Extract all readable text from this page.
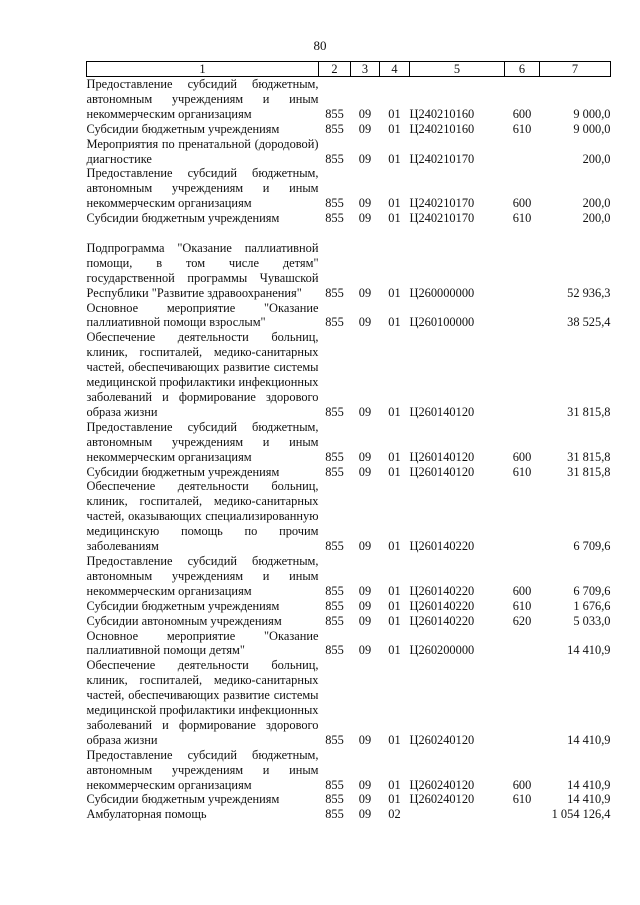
80
1	2	3	4	5	6	7
Предоставление субсидий бюджетным, автономным учреждениям и иным некоммерческим организациям	855	09	01	Ц240210160	600	9 000,0
Субсидии бюджетным учреждениям	855	09	01	Ц240210160	610	9 000,0
Мероприятия по пренатальной (дородовой) диагностике	855	09	01	Ц240210170		200,0
Предоставление субсидий бюджетным, автономным учреждениям и иным некоммерческим организациям	855	09	01	Ц240210170	600	200,0
Субсидии бюджетным учреждениям	855	09	01	Ц240210170	610	200,0
Подпрограмма "Оказание паллиативной помощи, в том числе детям" государственной программы Чувашской Республики "Развитие здравоохранения"	855	09	01	Ц260000000		52 936,3
Основное мероприятие "Оказание паллиативной помощи взрослым"	855	09	01	Ц260100000		38 525,4
Обеспечение деятельности больниц, клиник, госпиталей, медико-санитарных частей, обеспечивающих развитие системы медицинской профилактики инфекционных заболеваний и формирование здорового образа жизни	855	09	01	Ц260140120		31 815,8
Предоставление субсидий бюджетным, автономным учреждениям и иным некоммерческим организациям	855	09	01	Ц260140120	600	31 815,8
Субсидии бюджетным учреждениям	855	09	01	Ц260140120	610	31 815,8
Обеспечение деятельности больниц, клиник, госпиталей, медико-санитарных частей, оказывающих специализированную медицинскую помощь по прочим заболеваниям	855	09	01	Ц260140220		6 709,6
Предоставление субсидий бюджетным, автономным учреждениям и иным некоммерческим организациям	855	09	01	Ц260140220	600	6 709,6
Субсидии бюджетным учреждениям	855	09	01	Ц260140220	610	1 676,6
Субсидии автономным учреждениям	855	09	01	Ц260140220	620	5 033,0
Основное мероприятие "Оказание паллиативной помощи детям"	855	09	01	Ц260200000		14 410,9
Обеспечение деятельности больниц, клиник, госпиталей, медико-санитарных частей, обеспечивающих развитие системы медицинской профилактики инфекционных заболеваний и формирование здорового образа жизни	855	09	01	Ц260240120		14 410,9
Предоставление субсидий бюджетным, автономным учреждениям и иным некоммерческим организациям	855	09	01	Ц260240120	600	14 410,9
Субсидии бюджетным учреждениям	855	09	01	Ц260240120	610	14 410,9
Амбулаторная помощь	855	09	02			1 054 126,4
